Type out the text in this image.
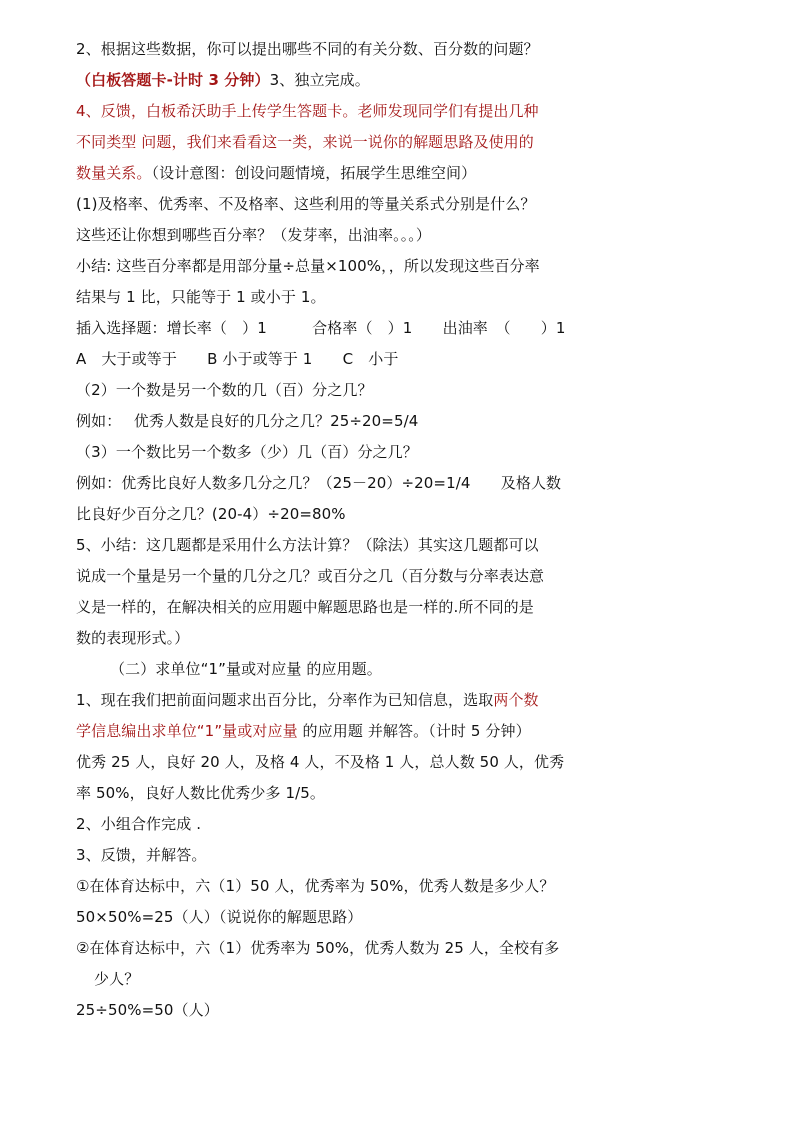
2、根据这些数据，你可以提出哪些不同的有关分数、百分数的问题？
（白板答题卡-计时 3 分钟）3、独立完成。
4、反馈，白板希沃助手上传学生答题卡。老师发现同学们有提出几种
不同类型 问题，我们来看看这一类，来说一说你的解题思路及使用的
数量关系。（设计意图：创设问题情境，拓展学生思维空间）
(1)及格率、优秀率、不及格率、这些利用的等量关系式分别是什么？
这些还让你想到哪些百分率？（发芽率，出油率。。。）
小结: 这些百分率都是用部分量÷总量×100%，，所以发现这些百分率
结果与 1 比，只能等于 1 或小于 1。
插入选择题：增长率（　）1　　　合格率（　）1　　出油率　（　　）1
A　大于或等于　　B 小于或等于 1　　C　小于
（2）一个数是另一个数的几（百）分之几？
例如：　 优秀人数是良好的几分之几？25÷20=5/4
（3）一个数比另一个数多（少）几（百）分之几？
例如：优秀比良好人数多几分之几？（25－20）÷20=1/4　　及格人数
比良好少百分之几？(20-4）÷20=80%
5、小结：这几题都是采用什么方法计算？（除法）其实这几题都可以
说成一个量是另一个量的几分之几？或百分之几（百分数与分率表达意
义是一样的，在解决相关的应用题中解题思路也是一样的.所不同的是
数的表现形式。）
（二）求单位“1”量或对应量 的应用题。
1、现在我们把前面问题求出百分比，分率作为已知信息，选取两个数
学信息编出求单位“1”量或对应量 的应用题 并解答。（计时 5 分钟）
优秀 25 人，良好 20 人，及格 4 人，不及格 1 人，总人数 50 人，优秀
率 50%，良好人数比优秀少多 1/5。
2、小组合作完成 .
3、反馈，并解答。
①在体育达标中，六（1）50 人，优秀率为 50%，优秀人数是多少人？
50×50%=25（人）（说说你的解题思路）
②在体育达标中，六（1）优秀率为 50%，优秀人数为 25 人，全校有多
少人？
25÷50%=50（人）
